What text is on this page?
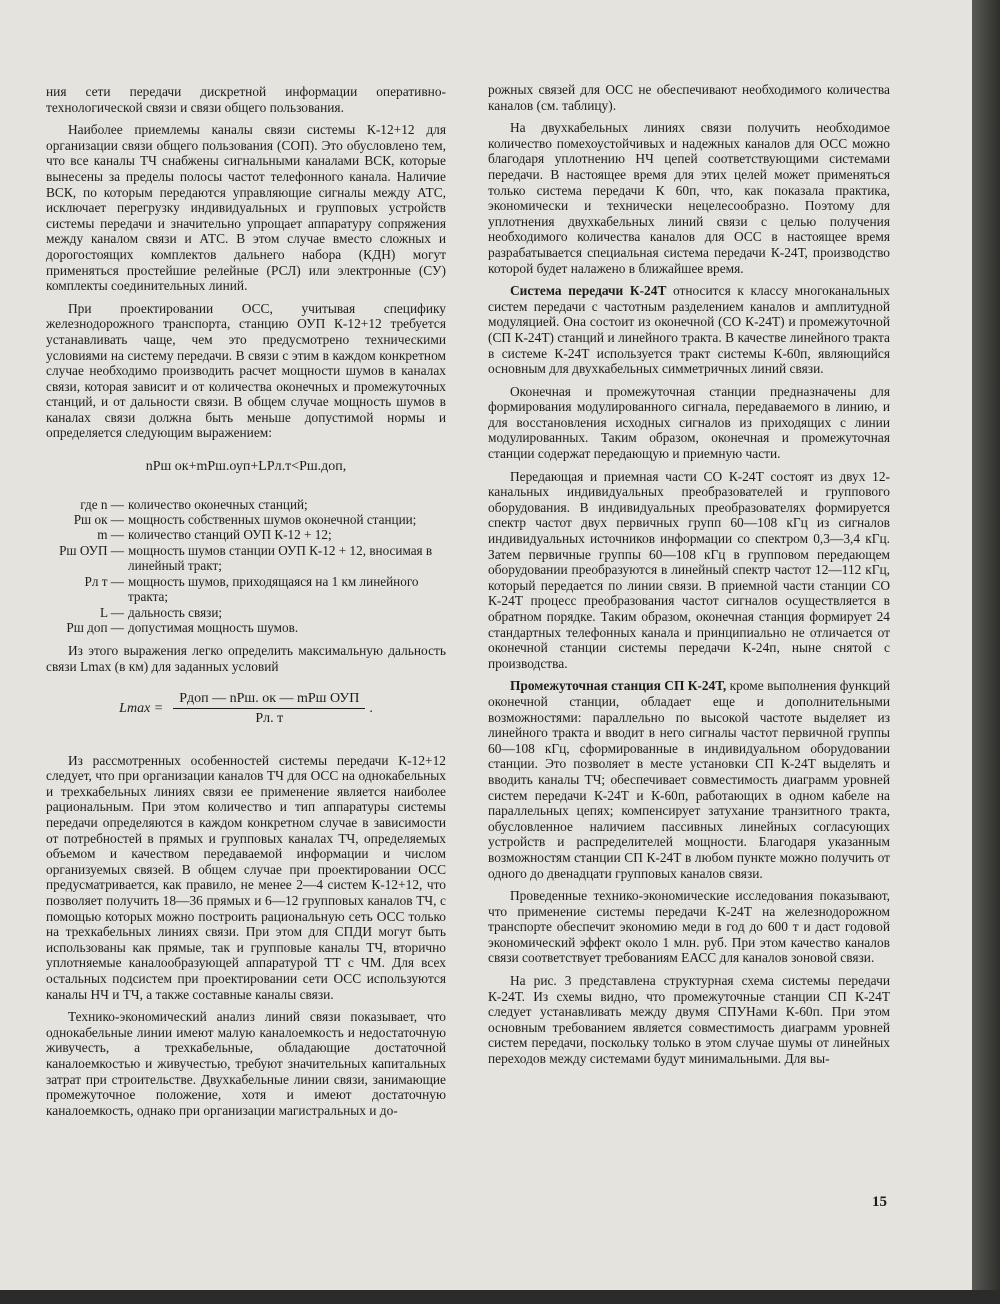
ния сети передачи дискретной информации оперативно-технологической связи и связи общего пользования.

Наиболее приемлемы каналы связи системы К-12+12 для организации связи общего пользования (СОП). Это обусловлено тем, что все каналы ТЧ снабжены сигнальными каналами ВСК, которые вынесены за пределы полосы частот телефонного канала. Наличие ВСК, по которым передаются управляющие сигналы между АТС, исключает перегрузку индивидуальных и групповых устройств системы передачи и значительно упрощает аппаратуру сопряжения между каналом связи и АТС. В этом случае вместо сложных и дорогостоящих комплектов дальнего набора (КДН) могут применяться простейшие релейные (РСЛ) или электронные (СУ) комплекты соединительных линий.

При проектировании ОСС, учитывая специфику железнодорожного транспорта, станцию ОУП К-12+12 требуется устанавливать чаще, чем это предусмотрено техническими условиями на систему передачи. В связи с этим в каждом конкретном случае необходимо производить расчет мощности шумов в каналах связи, которая зависит и от количества оконечных и промежуточных станций, и от дальности связи. В общем случае мощность шумов в каналах связи должна быть меньше допустимой нормы и определяется следующим выражением:

nPш ок+mPш.оуп+LPл.т<Pш.доп,
где n — количество оконечных станций;
Pш ок — мощность собственных шумов оконечной станции;
m — количество станций ОУП К-12 + 12;
Pш ОУП — мощность шумов станции ОУП К-12 + 12, вносимая в линейный тракт;
Pл т — мощность шумов, приходящаяся на 1 км линейного тракта;
L — дальность связи;
Pш доп — допустимая мощность шумов.

Из этого выражения легко определить максимальную дальность связи Lmax (в км) для заданных условий

$Lmax = \frac{\text{Pдоп — nPш. ок — mPш ОУП}}{Pл. т}$ .

Из рассмотренных особенностей системы передачи К-12+12 следует, что при организации каналов ТЧ для ОСС на однокабельных и трехкабельных линиях связи ее применение является наиболее рациональным. При этом количество и тип аппаратуры системы передачи определяются в каждом конкретном случае в зависимости от потребностей в прямых и групповых каналах ТЧ, определяемых объемом и качеством передаваемой информации и числом организуемых связей. В общем случае при проектировании ОСС предусматривается, как правило, не менее 2—4 систем К-12+12, что позволяет получить 18—36 прямых и 6—12 групповых каналов ТЧ, с помощью которых можно построить рациональную сеть ОСС только на трехкабельных линиях связи. При этом для СПДИ могут быть использованы как прямые, так и групповые каналы ТЧ, вторично уплотняемые каналообразующей аппаратурой ТТ с ЧМ. Для всех остальных подсистем при проектировании сети ОСС используются каналы НЧ и ТЧ, а также составные каналы связи.

Технико-экономический анализ линий связи показывает, что однокабельные линии имеют малую каналоемкость и недостаточную живучесть, а трехкабельные, обладающие достаточной каналоемкостью и живучестью, требуют значительных капитальных затрат при строительстве. Двухкабельные линии связи, занимающие промежуточное положение, хотя и имеют достаточную каналоемкость, однако при организации магистральных и до-

рожных связей для ОСС не обеспечивают необходимого количества каналов (см. таблицу).

На двухкабельных линиях связи получить необходимое количество помехоустойчивых и надежных каналов для ОСС можно благодаря уплотнению НЧ цепей соответствующими системами передачи. В настоящее время для этих целей может применяться только система передачи К 60п, что, как показала практика, экономически и технически нецелесообразно. Поэтому для уплотнения двухкабельных линий связи с целью получения необходимого количества каналов для ОСС в настоящее время разрабатывается специальная система передачи К-24Т, производство которой будет налажено в ближайшее время.

Система передачи К-24Т относится к классу многоканальных систем передачи с частотным разделением каналов и амплитудной модуляцией. Она состоит из оконечной (СО К-24Т) и промежуточной (СП К-24Т) станций и линейного тракта. В качестве линейного тракта в системе К-24Т используется тракт системы К-60п, являющийся основным для двухкабельных симметричных линий связи.

Оконечная и промежуточная станции предназначены для формирования модулированного сигнала, передаваемого в линию, и для восстановления исходных сигналов из приходящих с линии модулированных. Таким образом, оконечная и промежуточная станции содержат передающую и приемную части.

Передающая и приемная части СО К-24Т состоят из двух 12-канальных индивидуальных преобразователей и группового оборудования. В индивидуальных преобразователях формируется спектр частот двух первичных групп 60—108 кГц из сигналов индивидуальных источников информации со спектром 0,3—3,4 кГц. Затем первичные группы 60—108 кГц в групповом передающем оборудовании преобразуются в линейный спектр частот 12—112 кГц, который передается по линии связи. В приемной части станции СО К-24Т процесс преобразования частот сигналов осуществляется в обратном порядке. Таким образом, оконечная станция формирует 24 стандартных телефонных канала и принципиально не отличается от оконечной станции системы передачи К-24п, ныне снятой с производства.

Промежуточная станция СП К-24Т, кроме выполнения функций оконечной станции, обладает еще и дополнительными возможностями: параллельно по высокой частоте выделяет из линейного тракта и вводит в него сигналы частот первичной группы 60—108 кГц, сформированные в индивидуальном оборудовании станции. Это позволяет в месте установки СП К-24Т выделять и вводить каналы ТЧ; обеспечивает совместимость диаграмм уровней систем передачи К-24Т и К-60п, работающих в одном кабеле на параллельных цепях; компенсирует затухание транзитного тракта, обусловленное наличием пассивных линейных согласующих устройств и распределителей мощности. Благодаря указанным возможностям станции СП К-24Т в любом пункте можно получить от одного до двенадцати групповых каналов связи.

Проведенные технико-экономические исследования показывают, что применение системы передачи К-24Т на железнодорожном транспорте обеспечит экономию меди в год до 600 т и даст годовой экономический эффект около 1 млн. руб. При этом качество каналов связи соответствует требованиям ЕАСС для каналов зоновой связи.

На рис. 3 представлена структурная схема системы передачи К-24Т. Из схемы видно, что промежуточные станции СП К-24Т следует устанавливать между двумя СПУНами К-60п. При этом основным требованием является совместимость диаграмм уровней систем передачи, поскольку только в этом случае шумы от линейных переходов между системами будут минимальными. Для вы-

15
